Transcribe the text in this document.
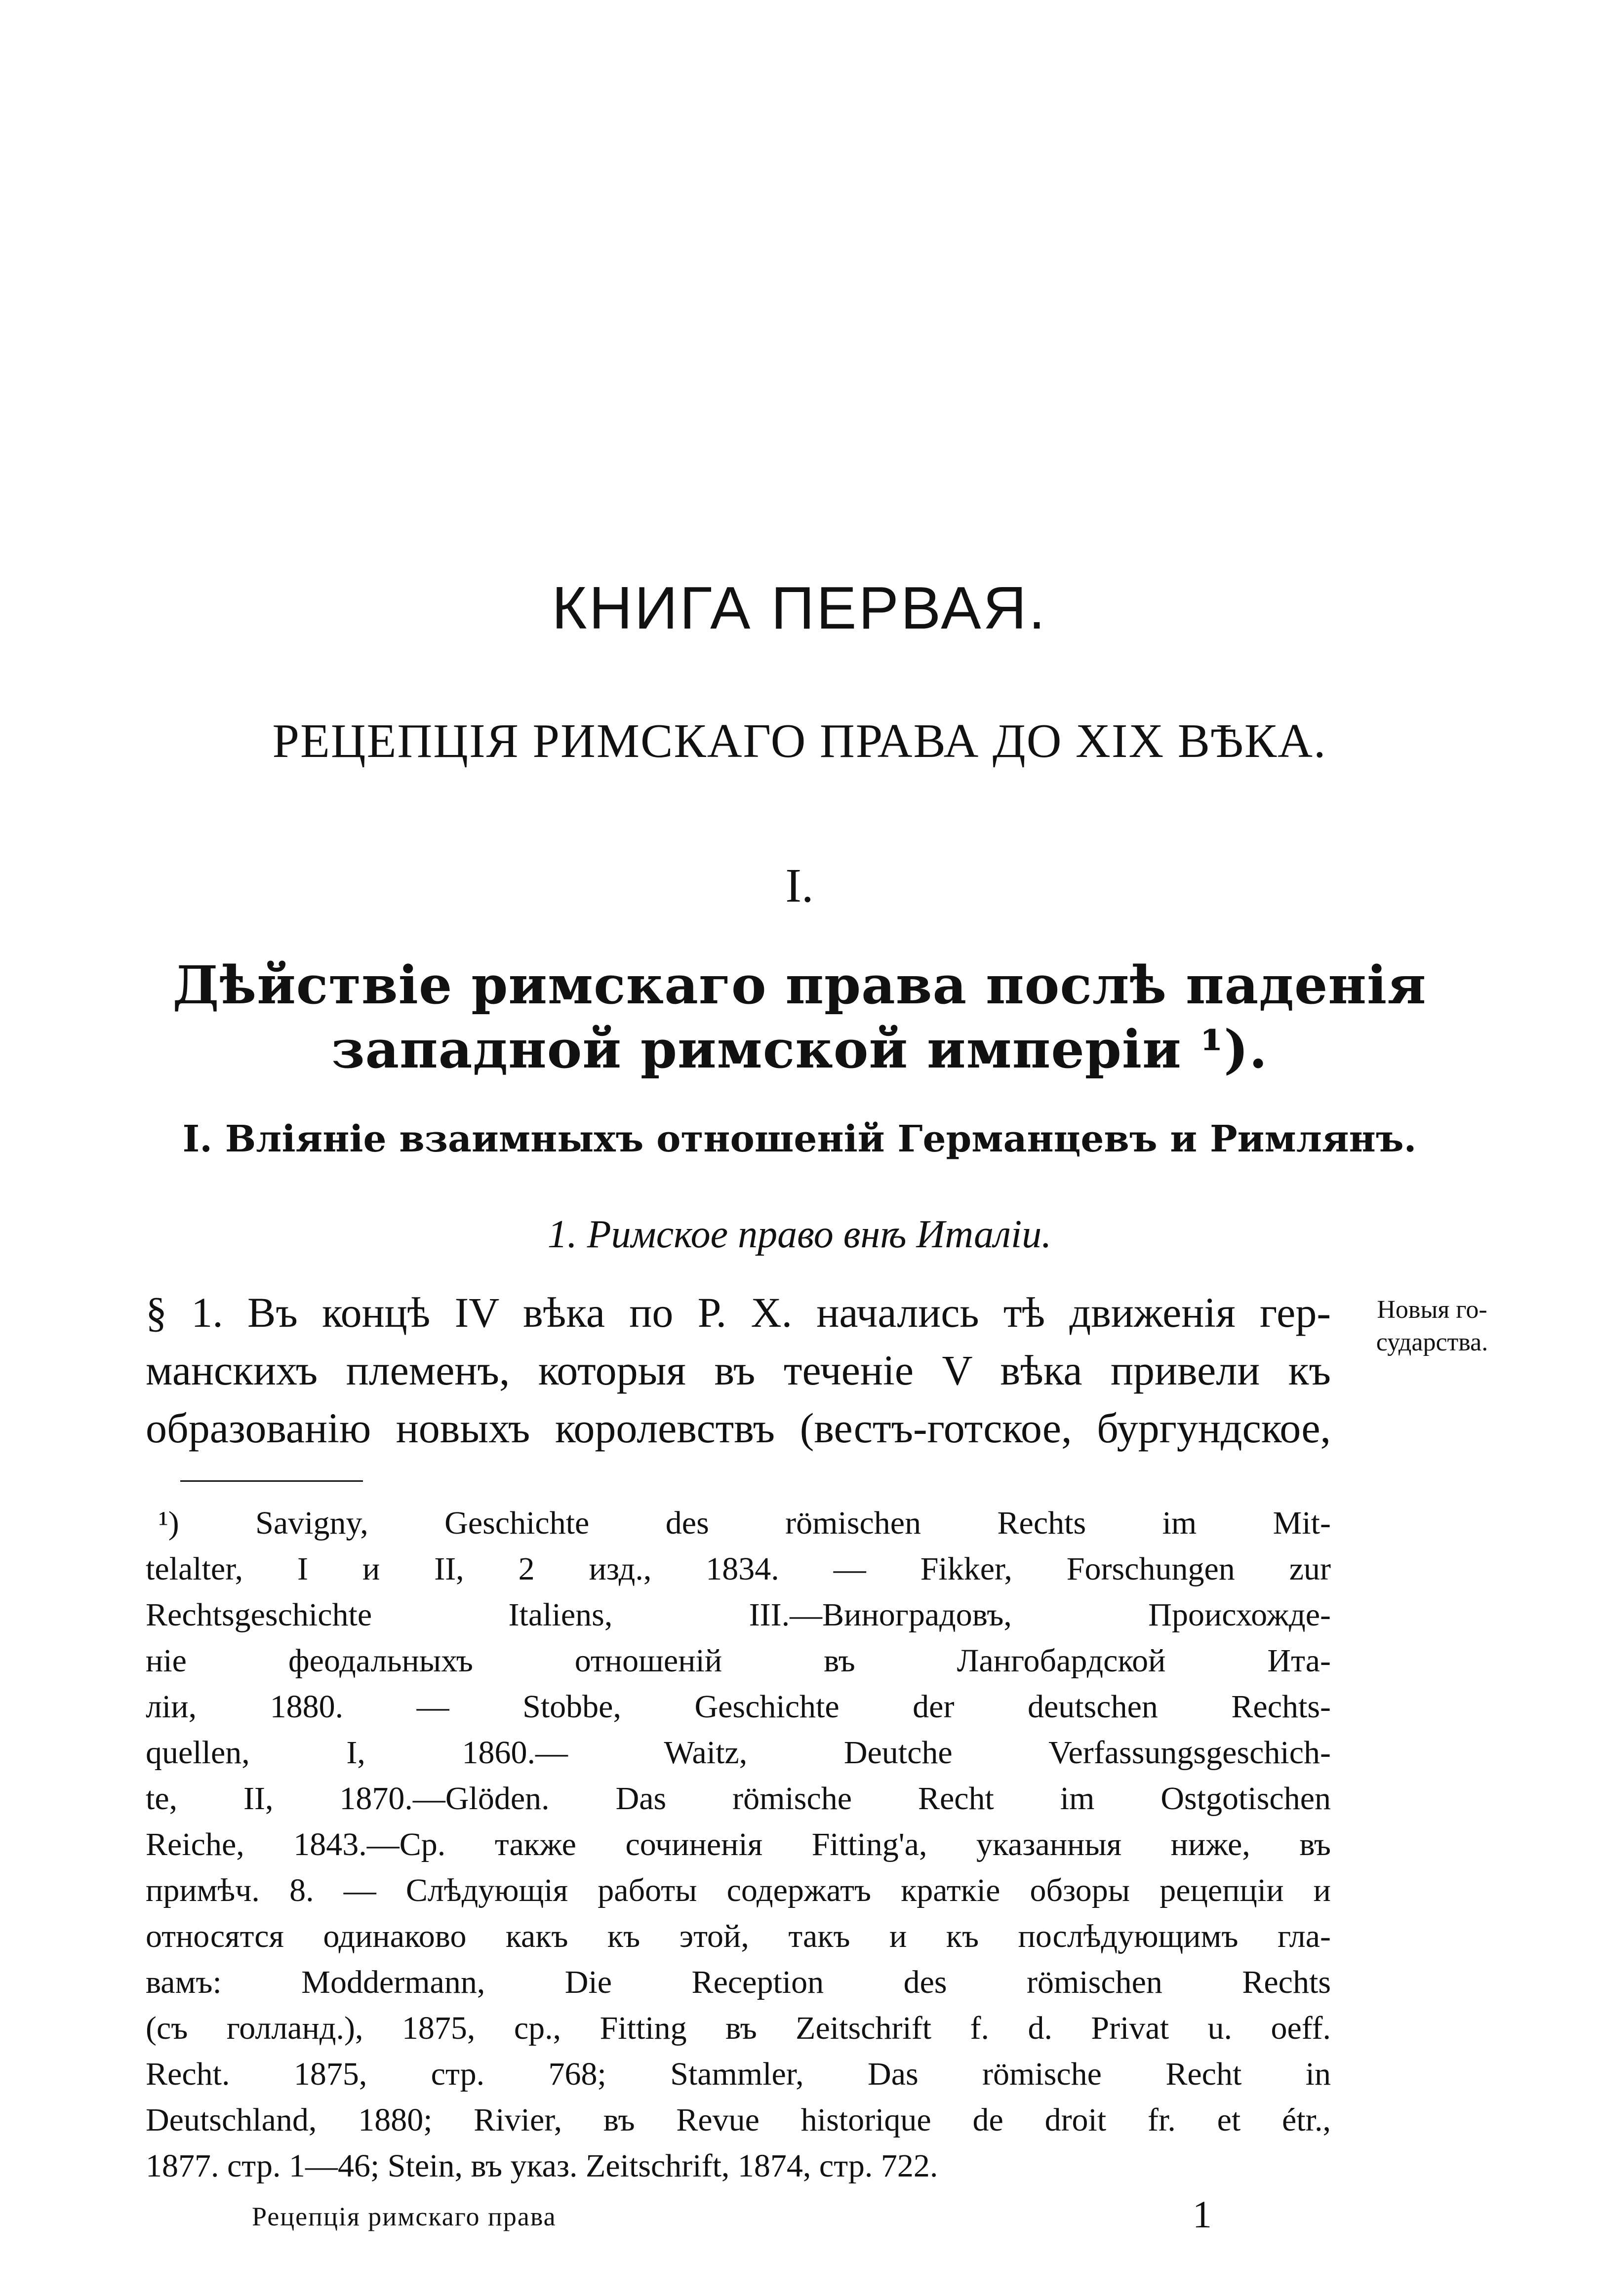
КНИГА ПЕРВАЯ.
РЕЦЕПЦІЯ РИМСКАГО ПРАВА ДО XIX ВѢКА.
I.
Дѣйствіе римскаго права послѣ паденія
западной римской имперіи ¹).
I. Вліяніе взаимныхъ отношеній Германцевъ и Римлянъ.
1. Римское право внѣ Италіи.
§ 1. Въ концѣ IV вѣка по Р. Х. начались тѣ движенія гер-
манскихъ племенъ, которыя въ теченіе V вѣка привели къ
образованію новыхъ королевствъ (вестъ-готское, бургундское,
Новыя го-
сударства.
¹) Savigny, Geschichte des römischen Rechts im Mit-
telalter, I и II, 2 изд., 1834. — Fikker, Forschungen zur
Rechtsgeschichte Italiens, III.—Виноградовъ, Происхожде-
ніе феодальныхъ отношеній въ Лангобардской Ита-
ліи, 1880. — Stobbe, Geschichte der deutschen Rechts-
quellen, I, 1860.— Waitz, Deutche Verfassungsgeschich-
te, II, 1870.—Glöden. Das römische Recht im Ostgotischen
Reiche, 1843.—Ср. также сочиненія Fitting'a, указанныя ниже, въ
примѣч. 8. — Слѣдующія работы содержатъ краткіе обзоры рецепціи и
относятся одинаково какъ къ этой, такъ и къ послѣдующимъ гла-
вамъ: Moddermann, Die Reception des römischen Rechts
(съ голланд.), 1875, ср., Fitting въ Zeitschrift f. d. Privat u. oeff.
Recht. 1875, стр. 768; Stammler, Das römische Recht in
Deutschland, 1880; Rivier, въ Revue historique de droit fr. et étr.,
1877. стр. 1—46; Stein, въ указ. Zeitschrift, 1874, стр. 722.
Рецепція римскаго права	1
